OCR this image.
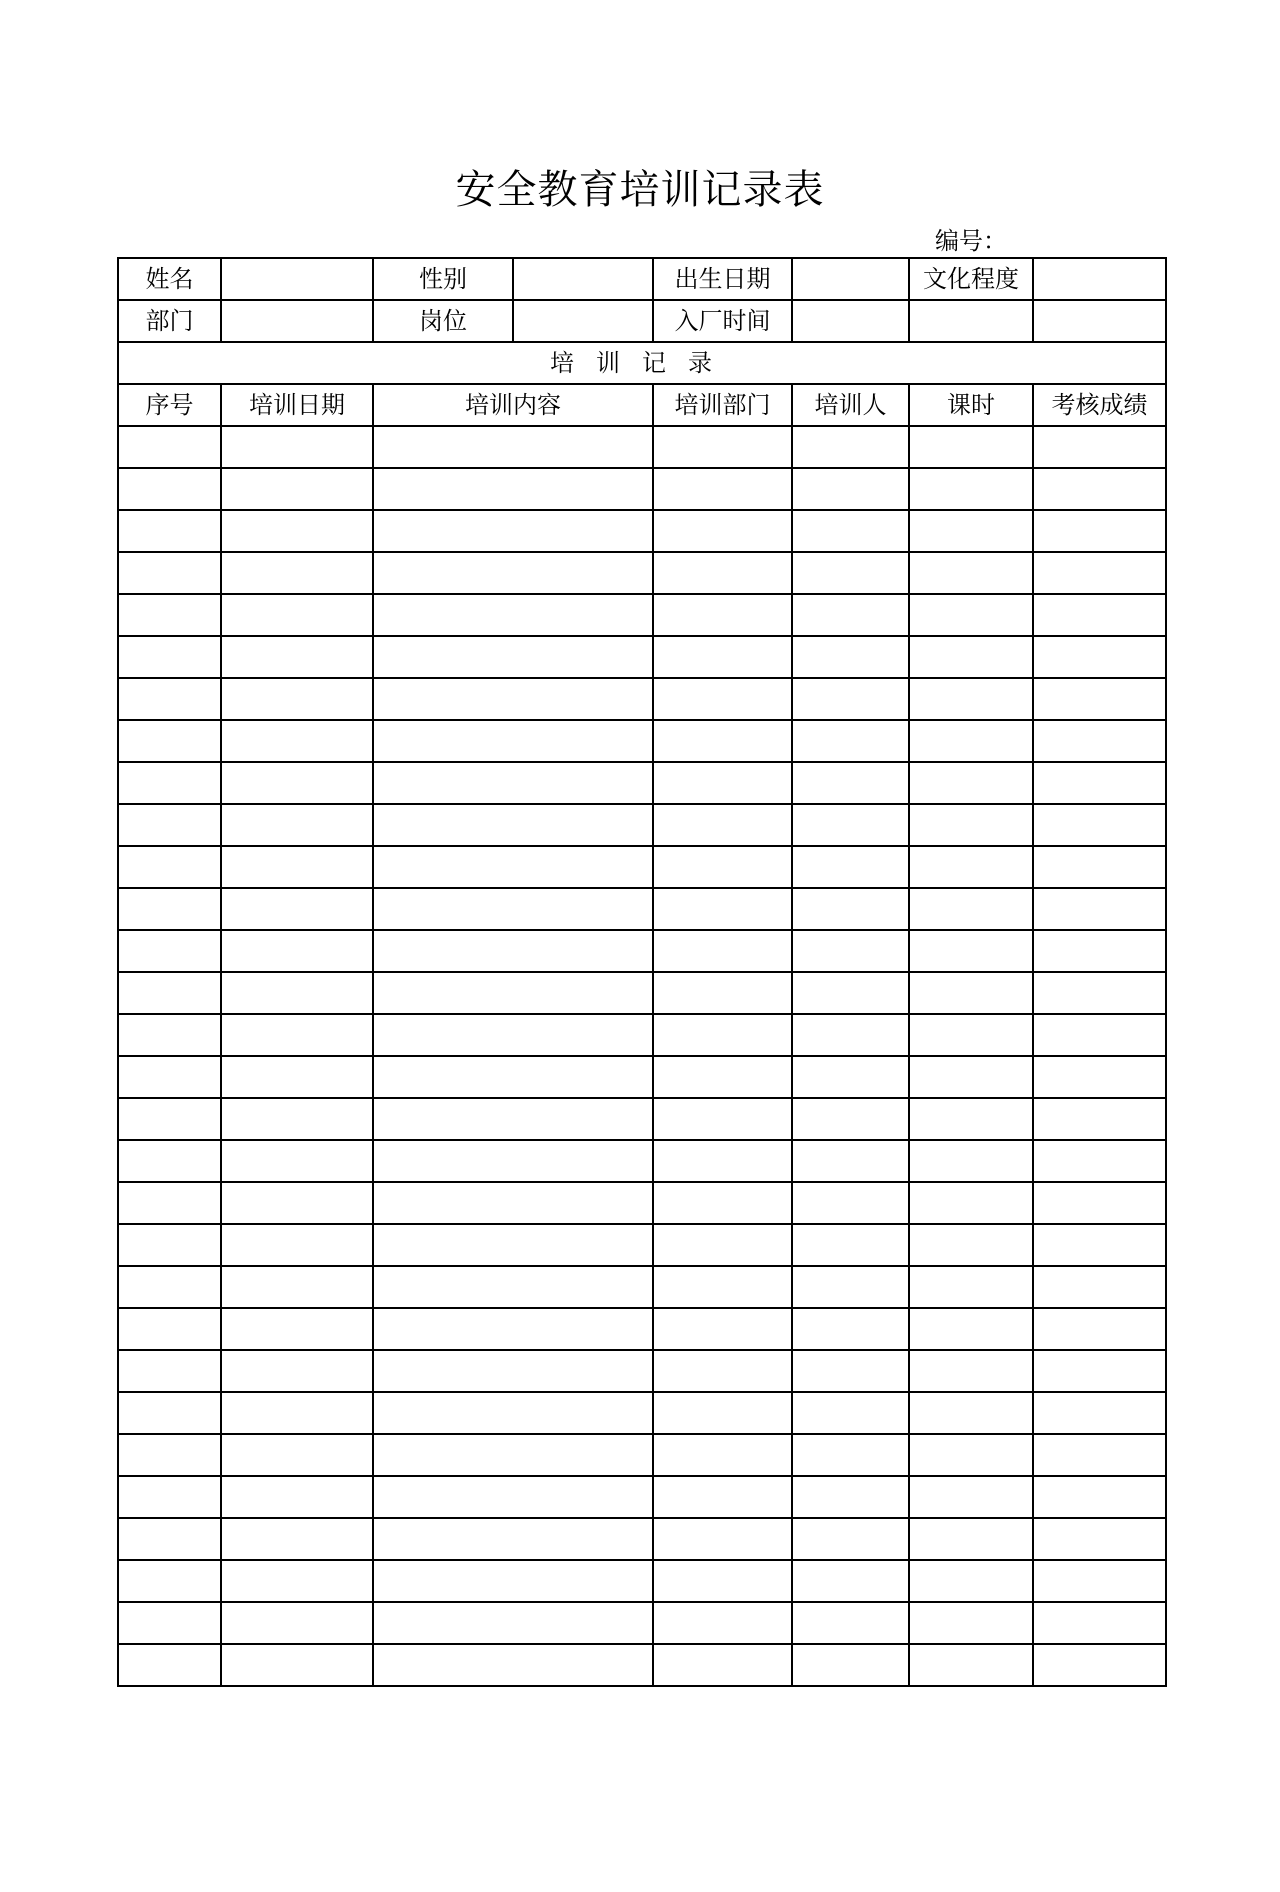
安全教育培训记录表
编号：
姓名		性别		出生日期		文化程度	
部门		岗位		入厂时间			
培训记录							
序号	培训日期	培训内容		培训部门	培训人	课时	考核成绩
